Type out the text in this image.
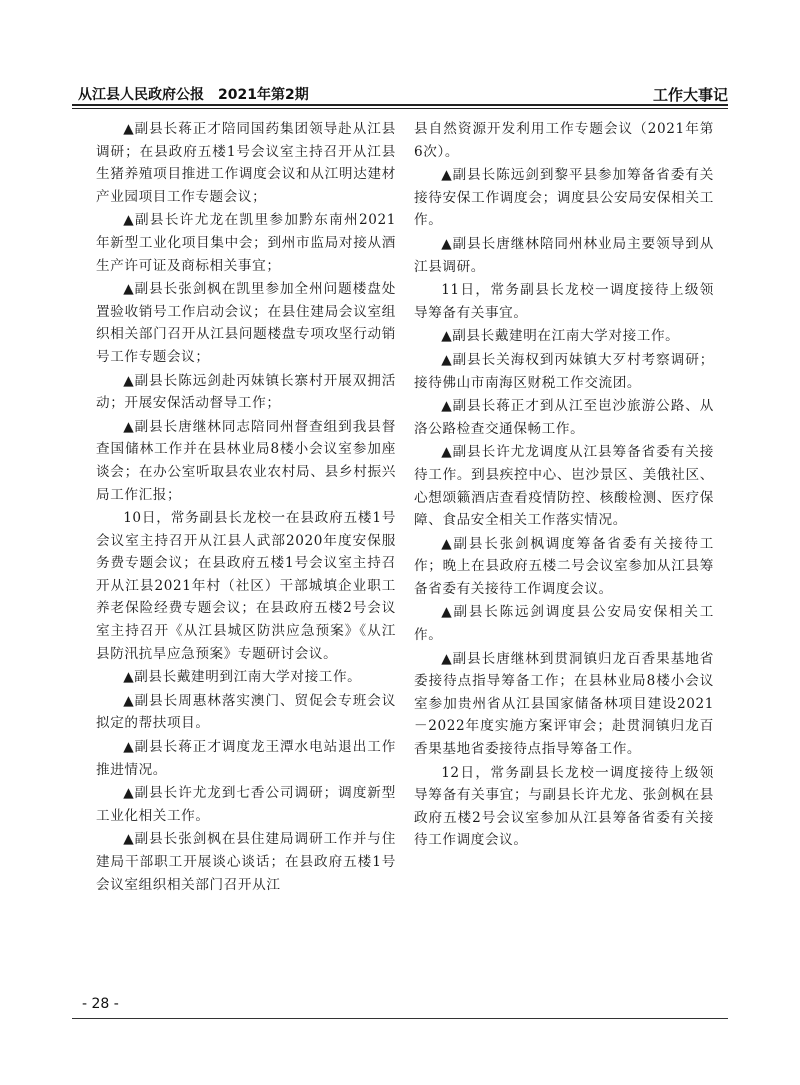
从江县人民政府公报 2021年第2期	工作大事记

▲副县长蒋正才陪同国药集团领导赴从江县调研；在县政府五楼1号会议室主持召开从江县生猪养殖项目推进工作调度会议和从江明达建材产业园项目工作专题会议；

▲副县长许尤龙在凯里参加黔东南州2021年新型工业化项目集中会；到州市监局对接从酒生产许可证及商标相关事宜；

▲副县长张剑枫在凯里参加全州问题楼盘处置验收销号工作启动会议；在县住建局会议室组织相关部门召开从江县问题楼盘专项攻坚行动销号工作专题会议；

▲副县长陈远剑赴丙妹镇长寨村开展双拥活动；开展安保活动督导工作；

▲副县长唐继林同志陪同州督查组到我县督查国储林工作并在县林业局8楼小会议室参加座谈会；在办公室听取县农业农村局、县乡村振兴局工作汇报；

10日，常务副县长龙校一在县政府五楼1号会议室主持召开从江县人武部2020年度安保服务费专题会议；在县政府五楼1号会议室主持召开从江县2021年村（社区）干部城填企业职工养老保险经费专题会议；在县政府五楼2号会议室主持召开《从江县城区防洪应急预案》《从江县防汛抗旱应急预案》专题研讨会议。

▲副县长戴建明到江南大学对接工作。

▲副县长周惠林落实澳门、贸促会专班会议拟定的帮扶项目。

▲副县长蒋正才调度龙王潭水电站退出工作推进情况。

▲副县长许尤龙到七香公司调研；调度新型工业化相关工作。

▲副县长张剑枫在县住建局调研工作并与住建局干部职工开展谈心谈话；在县政府五楼1号会议室组织相关部门召开从江

县自然资源开发利用工作专题会议（2021年第6次）。

▲副县长陈远剑到黎平县参加筹备省委有关接待安保工作调度会；调度县公安局安保相关工作。

▲副县长唐继林陪同州林业局主要领导到从江县调研。

11日，常务副县长龙校一调度接待上级领导筹备有关事宜。

▲副县长戴建明在江南大学对接工作。

▲副县长关海权到丙妹镇大歹村考察调研；接待佛山市南海区财税工作交流团。

▲副县长蒋正才到从江至岜沙旅游公路、从洛公路检查交通保畅工作。

▲副县长许尤龙调度从江县筹备省委有关接待工作。到县疾控中心、岜沙景区、美俄社区、心想颂籁酒店查看疫情防控、核酸检测、医疗保障、食品安全相关工作落实情况。

▲副县长张剑枫调度筹备省委有关接待工作；晚上在县政府五楼二号会议室参加从江县筹备省委有关接待工作调度会议。

▲副县长陈远剑调度县公安局安保相关工作。

▲副县长唐继林到贯洞镇归龙百香果基地省委接待点指导筹备工作；在县林业局8楼小会议室参加贵州省从江县国家储备林项目建设2021－2022年度实施方案评审会；赴贯洞镇归龙百香果基地省委接待点指导筹备工作。

12日，常务副县长龙校一调度接待上级领导筹备有关事宜；与副县长许尤龙、张剑枫在县政府五楼2号会议室参加从江县筹备省委有关接待工作调度会议。

- 28 -
